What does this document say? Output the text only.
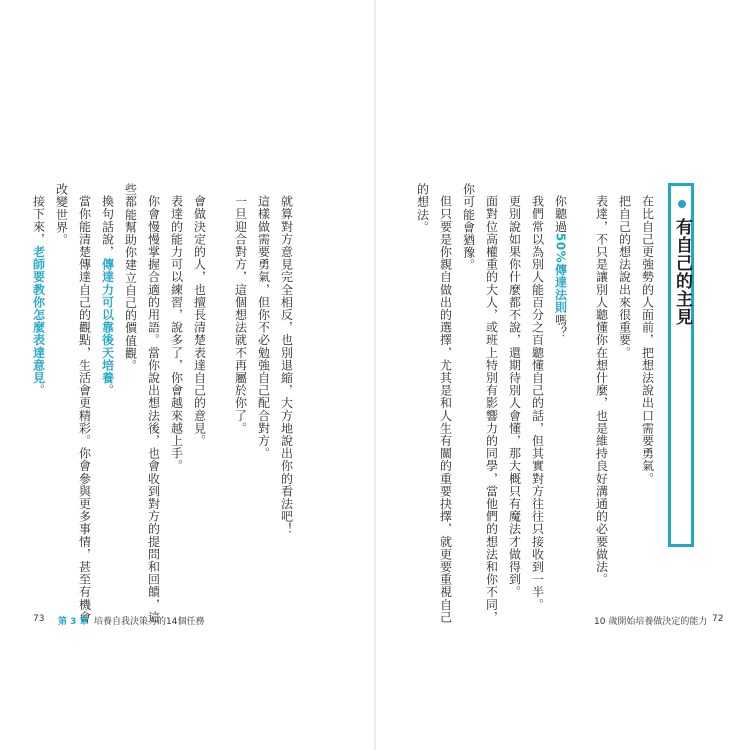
有自己的主見
在比自己更強勢的人面前，把想法說出口需要勇氣。
把自己的想法說出來很重要。
表達，不只是讓別人聽懂你在想什麼，也是維持良好溝通的必要做法。
你聽過50%傳達法則嗎？
我們常以為別人能百分之百聽懂自己的話，但其實對方往往只接收到一半。
更別說如果你什麼都不說，還期待別人會懂，那大概只有魔法才做得到。
面對位高權重的大人，或班上特別有影響力的同學，當他們的想法和你不同，
你可能會猶豫。
但只要是你親自做出的選擇，尤其是和人生有關的重要抉擇，就更要重視自己
的想法。
就算對方意見完全相反，也別退縮，大方地說出你的看法吧！
這樣做需要勇氣，但你不必勉強自己配合對方。
一旦迎合對方，這個想法就不再屬於你了。
會做決定的人，也擅長清楚表達自己的意見。
表達的能力可以練習，說多了，你會越來越上手。
你會慢慢掌握合適的用語。當你說出想法後，也會收到對方的提問和回饋，這
些都能幫助你建立自己的價值觀。
換句話說，傳達力可以靠後天培養。
當你能清楚傳達自己的觀點，生活會更精彩。你會參與更多事情，甚至有機會
改變世界。
接下來，老師要教你怎麼表達意見。
73 第 3 章 培養自我決策力的14個任務	10 歲開始培養做決定的能力 72
